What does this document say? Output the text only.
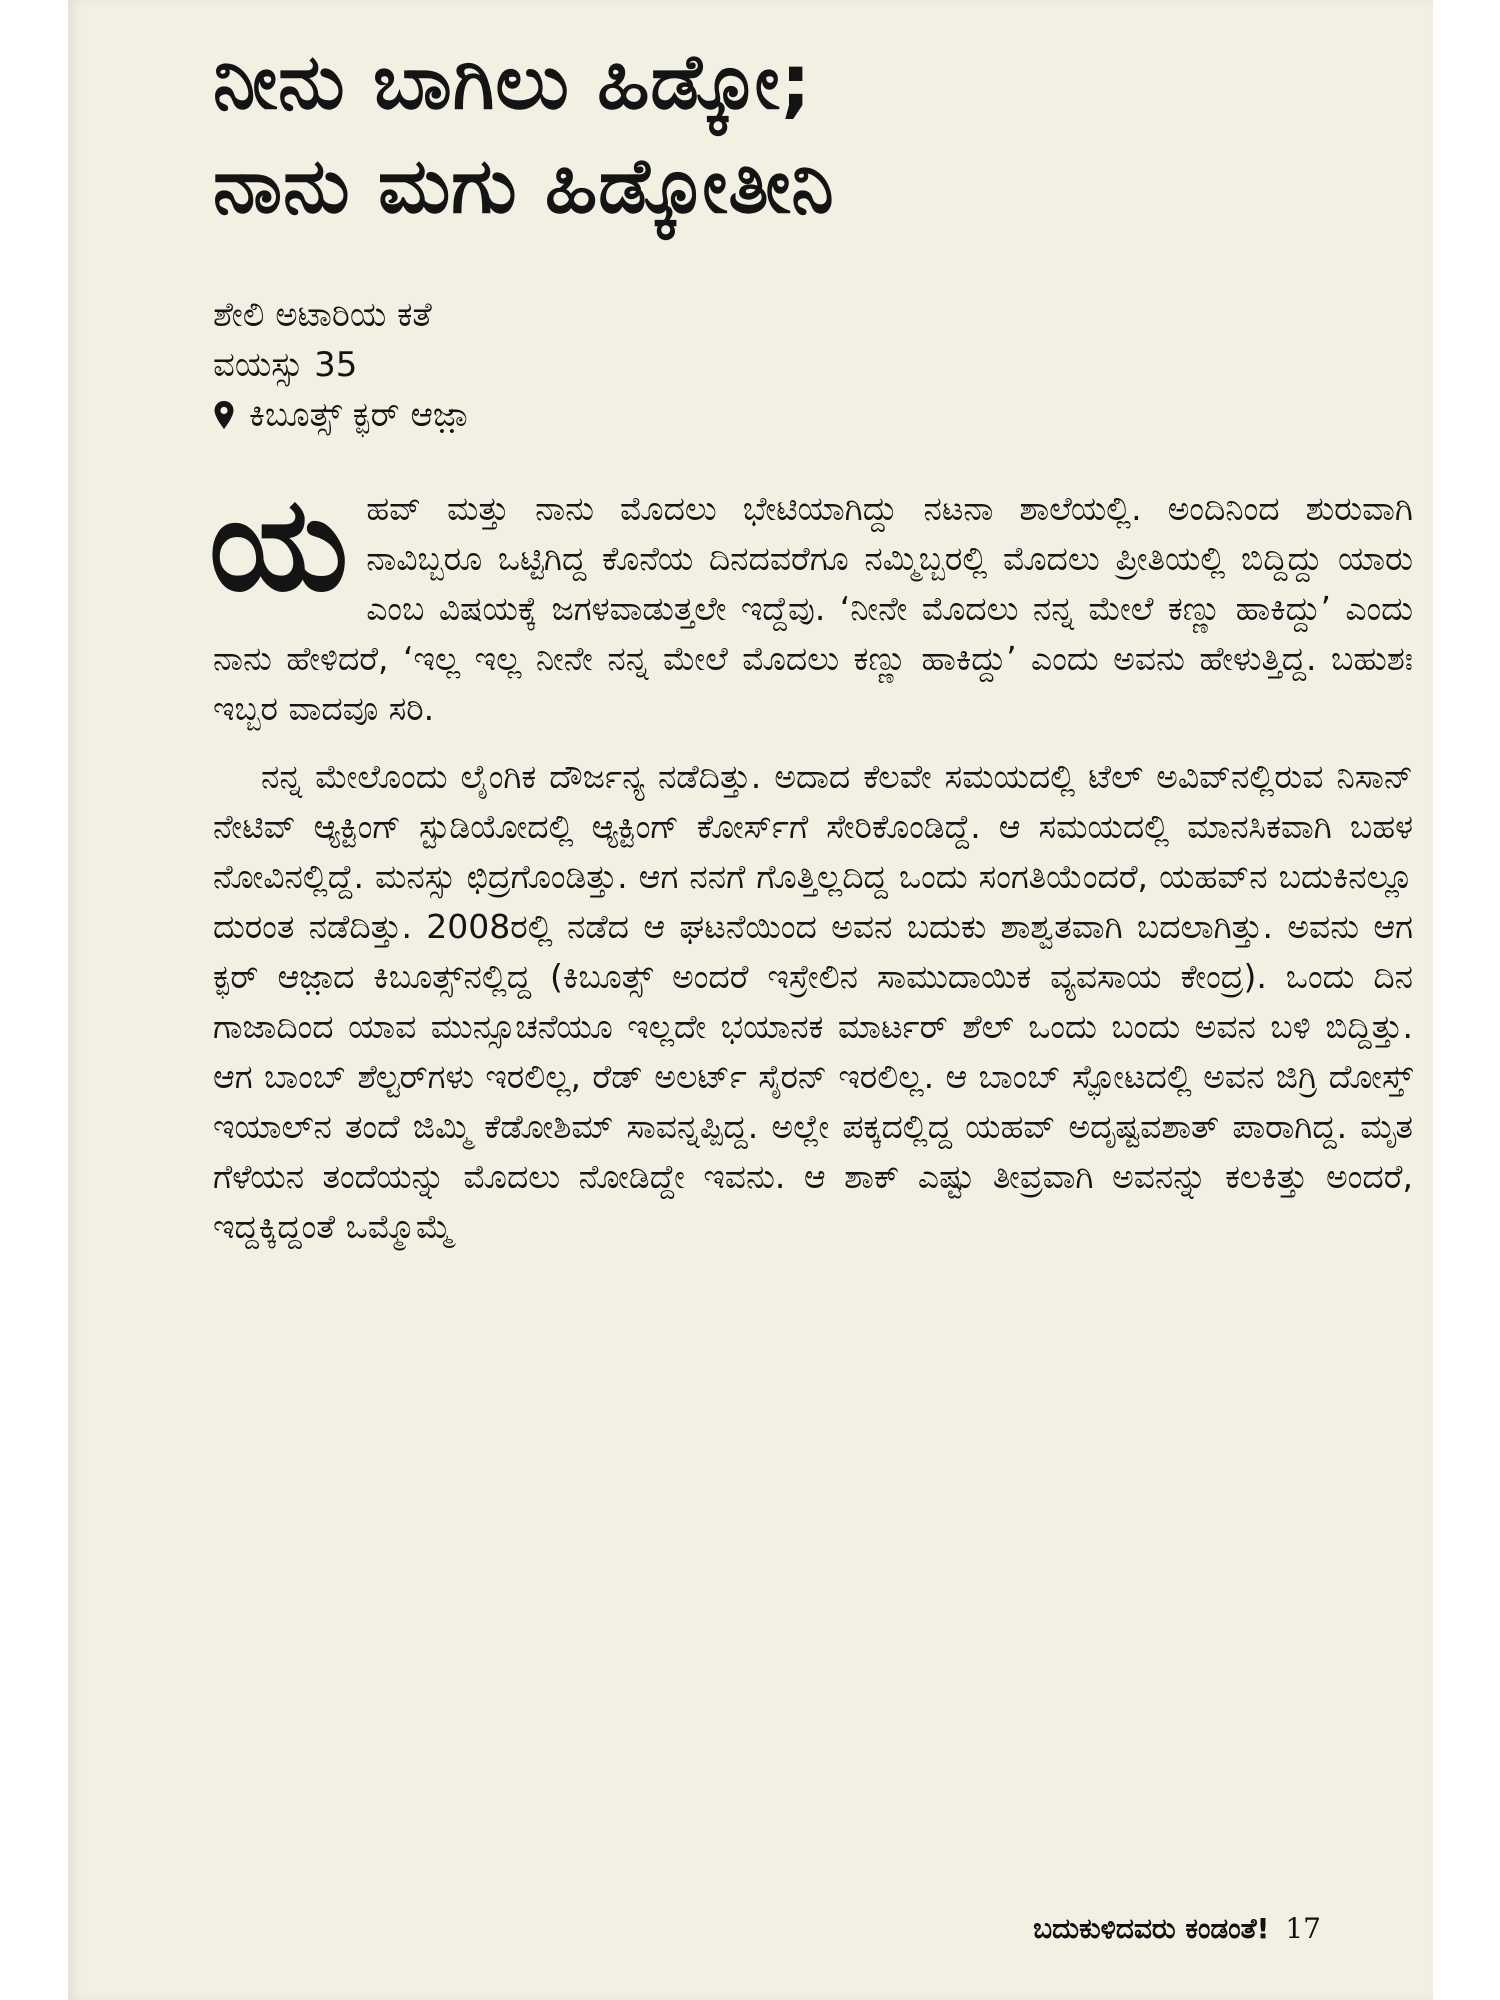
ನೀನು ಬಾಗಿಲು ಹಿಡ್ಕೋ;
ನಾನು ಮಗು ಹಿಡ್ಕೋತೀನಿ
ಶೇಲಿ ಅಟಾರಿಯ ಕತೆ
ವಯಸ್ಸು 35
ಕಿಬೂತ್ಸ್ ಕ್ಫರ್ ಆಜ಼ಾ

ಯ ಹವ್ ಮತ್ತು ನಾನು ಮೊದಲು ಭೇಟಿಯಾಗಿದ್ದು ನಟನಾ ಶಾಲೆಯಲ್ಲಿ. ಅಂದಿನಿಂದ ಶುರುವಾಗಿ ನಾವಿಬ್ಬರೂ ಒಟ್ಟಿಗಿದ್ದ ಕೊನೆಯ ದಿನದವರೆಗೂ ನಮ್ಮಿಬ್ಬರಲ್ಲಿ ಮೊದಲು ಪ್ರೀತಿಯಲ್ಲಿ ಬಿದ್ದಿದ್ದು ಯಾರು ಎಂಬ ವಿಷಯಕ್ಕೆ ಜಗಳವಾಡುತ್ತಲೇ ಇದ್ದೆವು. ‘ನೀನೇ ಮೊದಲು ನನ್ನ ಮೇಲೆ ಕಣ್ಣು ಹಾಕಿದ್ದು’ ಎಂದು ನಾನು ಹೇಳಿದರೆ, ‘ಇಲ್ಲ ಇಲ್ಲ ನೀನೇ ನನ್ನ ಮೇಲೆ ಮೊದಲು ಕಣ್ಣು ಹಾಕಿದ್ದು’ ಎಂದು ಅವನು ಹೇಳುತ್ತಿದ್ದ. ಬಹುಶಃ ಇಬ್ಬರ ವಾದವೂ ಸರಿ.

ನನ್ನ ಮೇಲೊಂದು ಲೈಂಗಿಕ ದೌರ್ಜನ್ಯ ನಡೆದಿತ್ತು. ಅದಾದ ಕೆಲವೇ ಸಮಯದಲ್ಲಿ ಟೆಲ್ ಅವಿವ್‌ನಲ್ಲಿರುವ ನಿಸಾನ್ ನೇಟಿವ್ ಆ್ಯಕ್ಟಿಂಗ್ ಸ್ಟುಡಿಯೋದಲ್ಲಿ ಆ್ಯಕ್ಟಿಂಗ್ ಕೋರ್ಸ್‌ಗೆ ಸೇರಿಕೊಂಡಿದ್ದೆ. ಆ ಸಮಯದಲ್ಲಿ ಮಾನಸಿಕವಾಗಿ ಬಹಳ ನೋವಿನಲ್ಲಿದ್ದೆ. ಮನಸ್ಸು ಛಿದ್ರಗೊಂಡಿತ್ತು. ಆಗ ನನಗೆ ಗೊತ್ತಿಲ್ಲದಿದ್ದ ಒಂದು ಸಂಗತಿಯೆಂದರೆ, ಯಹವ್‌ನ ಬದುಕಿನಲ್ಲೂ ದುರಂತ ನಡೆದಿತ್ತು. 2008ರಲ್ಲಿ ನಡೆದ ಆ ಘಟನೆಯಿಂದ ಅವನ ಬದುಕು ಶಾಶ್ವತವಾಗಿ ಬದಲಾಗಿತ್ತು. ಅವನು ಆಗ ಕ್ಫರ್ ಆಜ಼ಾದ ಕಿಬೂತ್ಸ್‌ನಲ್ಲಿದ್ದ (ಕಿಬೂತ್ಸ್ ಅಂದರೆ ಇಸ್ರೇಲಿನ ಸಾಮುದಾಯಿಕ ವ್ಯವಸಾಯ ಕೇಂದ್ರ). ಒಂದು ದಿನ ಗಾಜಾದಿಂದ ಯಾವ ಮುನ್ಸೂಚನೆಯೂ ಇಲ್ಲದೇ ಭಯಾನಕ ಮಾರ್ಟರ್ ಶೆಲ್ ಒಂದು ಬಂದು ಅವನ ಬಳಿ ಬಿದ್ದಿತ್ತು. ಆಗ ಬಾಂಬ್ ಶೆಲ್ಟರ್‌ಗಳು ಇರಲಿಲ್ಲ, ರೆಡ್ ಅಲರ್ಟ್ ಸೈರನ್ ಇರಲಿಲ್ಲ. ಆ ಬಾಂಬ್ ಸ್ಫೋಟದಲ್ಲಿ ಅವನ ಜಿಗ್ರಿ ದೋಸ್ತ್ ಇಯಾಲ್‌ನ ತಂದೆ ಜಿಮ್ಮಿ ಕೆಡೋಶಿಮ್ ಸಾವನ್ನಪ್ಪಿದ್ದ. ಅಲ್ಲೇ ಪಕ್ಕದಲ್ಲಿದ್ದ ಯಹವ್ ಅದೃಷ್ಟವಶಾತ್ ಪಾರಾಗಿದ್ದ. ಮೃತ ಗೆಳೆಯನ ತಂದೆಯನ್ನು ಮೊದಲು ನೋಡಿದ್ದೇ ಇವನು. ಆ ಶಾಕ್ ಎಷ್ಟು ತೀವ್ರವಾಗಿ ಅವನನ್ನು ಕಲಕಿತ್ತು ಅಂದರೆ, ಇದ್ದಕ್ಕಿದ್ದಂತೆ ಒಮ್ಮೊಮ್ಮೆ

ಬದುಕುಳಿದವರು ಕಂಡಂತೆ! 17
